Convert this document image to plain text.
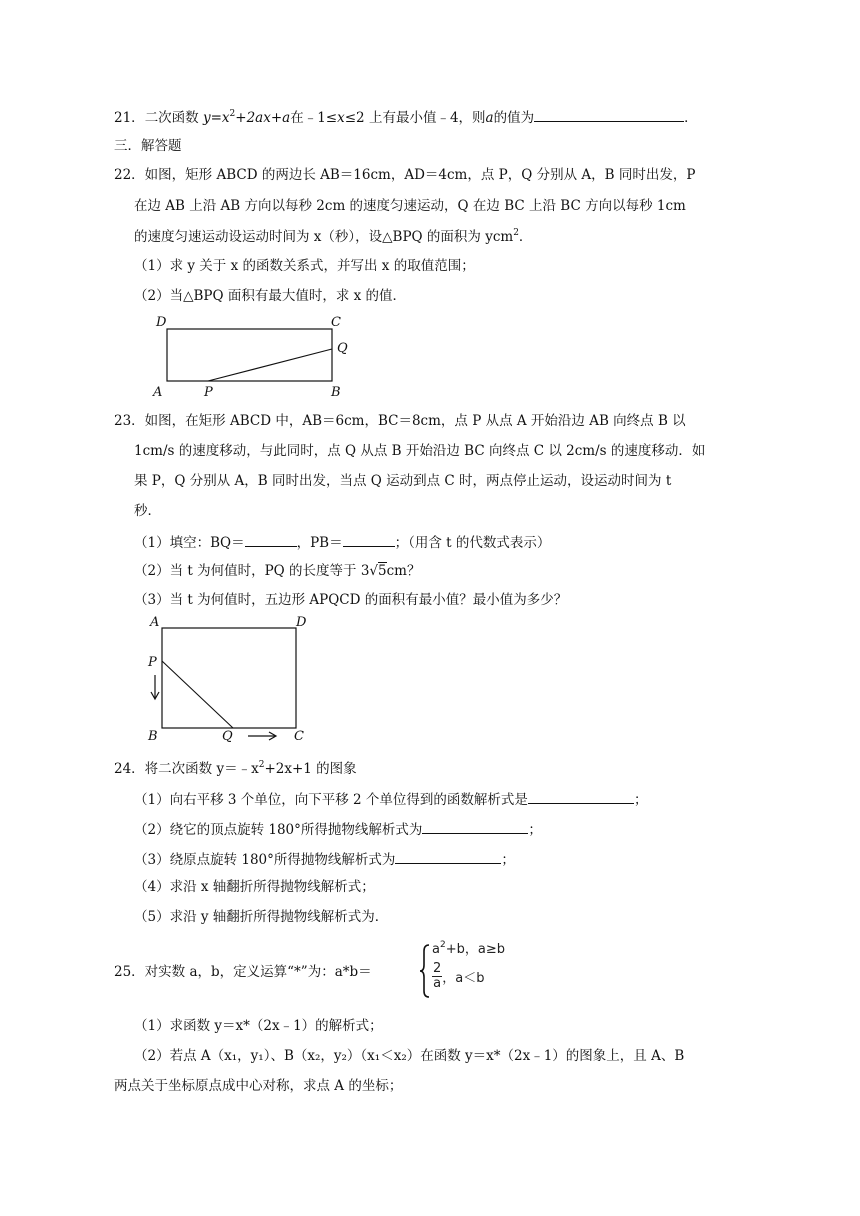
21．二次函数 $y=x^2+2ax+a$在﹣1≤x≤2 上有最小值﹣4，则a的值为	．
三．解答题
22．如图，矩形 ABCD 的两边长 AB＝16cm，AD＝4cm，点 P，Q 分别从 A，B 同时出发，P
在边 AB 上沿 AB 方向以每秒 2cm 的速度匀速运动，Q 在边 BC 上沿 BC 方向以每秒 1cm
的速度匀速运动设运动时间为 x（秒），设△BPQ 的面积为 ycm$^2$．
（1）求 y 关于 x 的函数关系式，并写出 x 的取值范围；
（2）当△BPQ 面积有最大值时，求 x 的值．
D	C
Q
A	P	B
23．如图，在矩形 ABCD 中，AB＝6cm，BC＝8cm，点 P 从点 A 开始沿边 AB 向终点 B 以
1cm/s 的速度移动，与此同时，点 Q 从点 B 开始沿边 BC 向终点 C 以 2cm/s 的速度移动．如
果 P，Q 分别从 A，B 同时出发，当点 Q 运动到点 C 时，两点停止运动，设运动时间为 t
秒．
（1）填空：BQ＝	，PB＝	；（用含 t 的代数式表示）
（2）当 t 为何值时，PQ 的长度等于 3√5cm？
（3）当 t 为何值时，五边形 APQCD 的面积有最小值？最小值为多少？
A	D
P
B	Q	C
24．将二次函数 $y=﹣x^2+2x+1$ 的图象
（1）向右平移 3 个单位，向下平移 2 个单位得到的函数解析式是	；
（2）绕它的顶点旋转 180°所得抛物线解析式为	；
（3）绕原点旋转 180°所得抛物线解析式为	；
（4）求沿 x 轴翻折所得抛物线解析式；
（5）求沿 y 轴翻折所得抛物线解析式为．
25．对实数 a，b，定义运算“*”为：a*b＝
$a^2+b$，a≥b
$\frac{2}{a}$ ，a＜b
（1）求函数 y＝x*（2x﹣1）的解析式；
（2）若点 A（x₁，y₁）、B（x₂，y₂）（x₁＜x₂）在函数 y＝x*（2x﹣1）的图象上，且 A、B
两点关于坐标原点成中心对称，求点 A 的坐标；
